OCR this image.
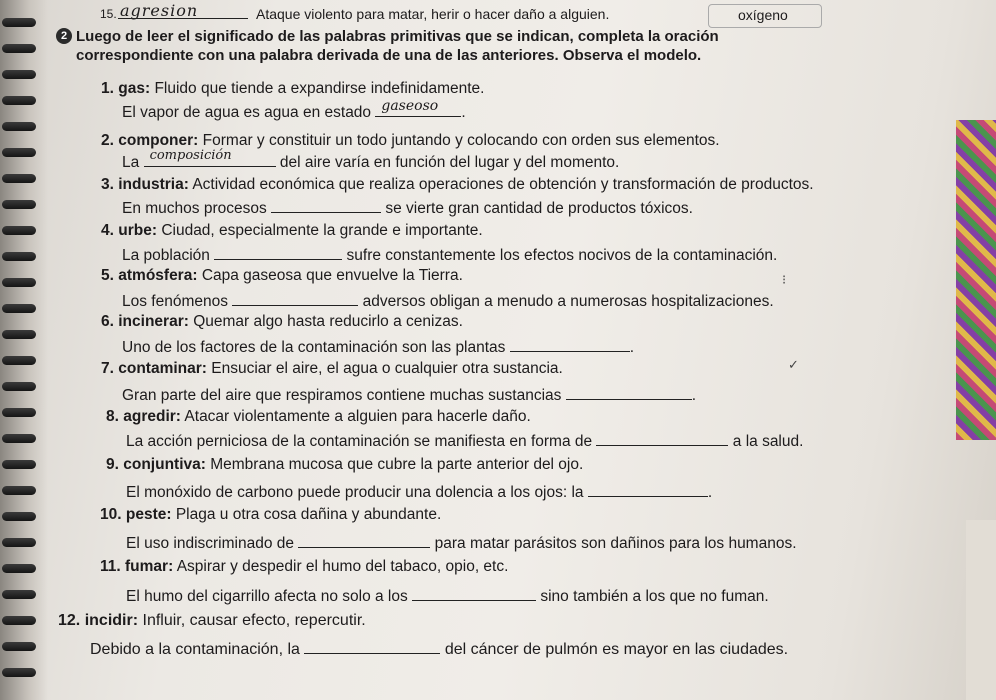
15. agresion	Ataque violento para matar, herir o hacer daño a alguien.	oxígeno
2 Luego de leer el significado de las palabras primitivas que se indican, completa la oración
correspondiente con una palabra derivada de una de las anteriores. Observa el modelo.
1. gas: Fluido que tiende a expandirse indefinidamente.
El vapor de agua es agua en estado gaseoso .
2. componer: Formar y constituir un todo juntando y colocando con orden sus elementos.
La composición	del aire varía en función del lugar y del momento.
3. industria: Actividad económica que realiza operaciones de obtención y transformación de productos.
En muchos procesos	se vierte gran cantidad de productos tóxicos.
4. urbe: Ciudad, especialmente la grande e importante.
La población	sufre constantemente los efectos nocivos de la contaminación.
5. atmósfera: Capa gaseosa que envuelve la Tierra.
Los fenómenos	adversos obligan a menudo a numerosas hospitalizaciones.
6. incinerar: Quemar algo hasta reducirlo a cenizas.
Uno de los factores de la contaminación son las plantas	.
7. contaminar: Ensuciar el aire, el agua o cualquier otra sustancia.
Gran parte del aire que respiramos contiene muchas sustancias	.
8. agredir: Atacar violentamente a alguien para hacerle daño.
La acción perniciosa de la contaminación se manifiesta en forma de	a la salud.
9. conjuntiva: Membrana mucosa que cubre la parte anterior del ojo.
El monóxido de carbono puede producir una dolencia a los ojos: la	.
10. peste: Plaga u otra cosa dañina y abundante.
El uso indiscriminado de	para matar parásitos son dañinos para los humanos.
11. fumar: Aspirar y despedir el humo del tabaco, opio, etc.
El humo del cigarrillo afecta no solo a los	sino también a los que no fuman.
12. incidir: Influir, causar efecto, repercutir.
Debido a la contaminación, la	del cáncer de pulmón es mayor en las ciudades.
⁝
✓
